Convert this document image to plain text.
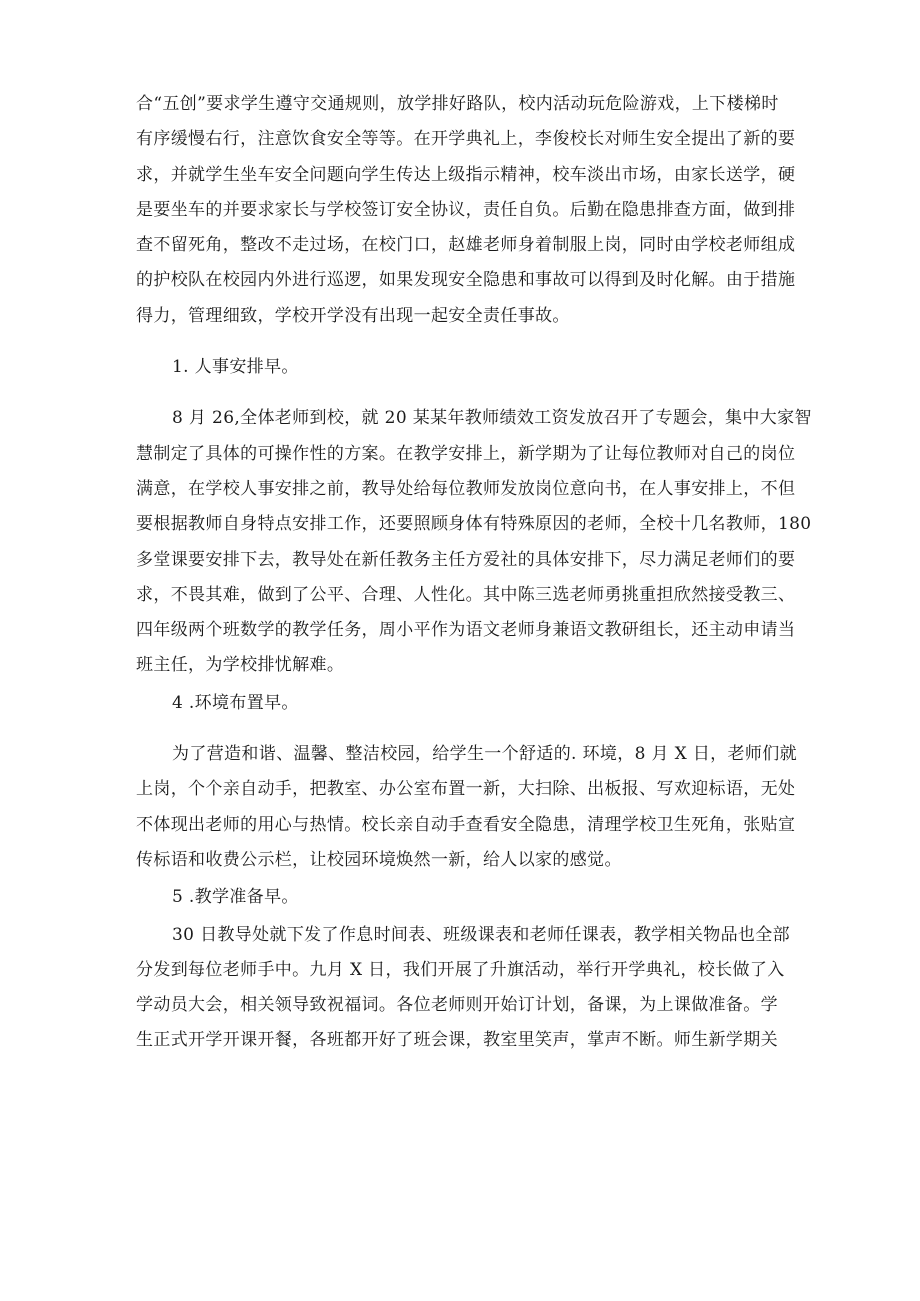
合“五创”要求学生遵守交通规则，放学排好路队，校内活动玩危险游戏，上下楼梯时
有序缓慢右行，注意饮食安全等等。在开学典礼上，李俊校长对师生安全提出了新的要
求，并就学生坐车安全问题向学生传达上级指示精神，校车淡出市场，由家长送学，硬
是要坐车的并要求家长与学校签订安全协议，责任自负。后勤在隐患排查方面，做到排
查不留死角，整改不走过场，在校门口，赵雄老师身着制服上岗，同时由学校老师组成
的护校队在校园内外进行巡逻，如果发现安全隐患和事故可以得到及时化解。由于措施
得力，管理细致，学校开学没有出现一起安全责任事故。
1. 人事安排早。
8 月 26,全体老师到校，就 20 某某年教师绩效工资发放召开了专题会，集中大家智
慧制定了具体的可操作性的方案。在教学安排上，新学期为了让每位教师对自己的岗位
满意，在学校人事安排之前，教导处给每位教师发放岗位意向书，在人事安排上，不但
要根据教师自身特点安排工作，还要照顾身体有特殊原因的老师，全校十几名教师，180
多堂课要安排下去，教导处在新任教务主任方爱社的具体安排下，尽力满足老师们的要
求，不畏其难，做到了公平、合理、人性化。其中陈三选老师勇挑重担欣然接受教三、
四年级两个班数学的教学任务，周小平作为语文老师身兼语文教研组长，还主动申请当
班主任，为学校排忧解难。
4 .环境布置早。
为了营造和谐、温馨、整洁校园，给学生一个舒适的. 环境，8 月 X 日，老师们就
上岗，个个亲自动手，把教室、办公室布置一新，大扫除、出板报、写欢迎标语，无处
不体现出老师的用心与热情。校长亲自动手查看安全隐患，清理学校卫生死角，张贴宣
传标语和收费公示栏，让校园环境焕然一新，给人以家的感觉。
5 .教学准备早。
30 日教导处就下发了作息时间表、班级课表和老师任课表，教学相关物品也全部
分发到每位老师手中。九月 X 日，我们开展了升旗活动，举行开学典礼，校长做了入
学动员大会，相关领导致祝福词。各位老师则开始订计划，备课，为上课做准备。学
生正式开学开课开餐，各班都开好了班会课，教室里笑声，掌声不断。师生新学期关
